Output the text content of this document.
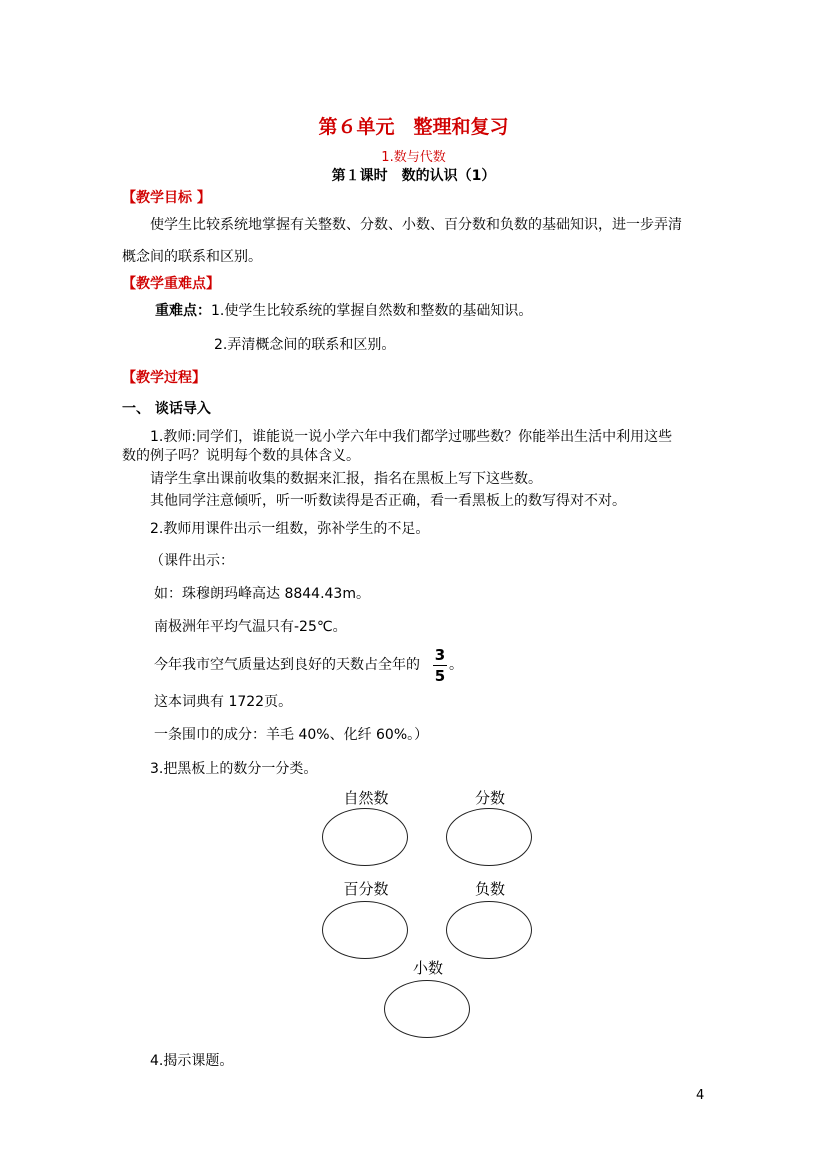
第６单元　整理和复习
1.数与代数
第１课时　数的认识（1）
【教学目标 】
使学生比较系统地掌握有关整数、分数、小数、百分数和负数的基础知识，进一步弄清
概念间的联系和区别。
【教学重难点】
重难点：1.使学生比较系统的掌握自然数和整数的基础知识。
2.弄清概念间的联系和区别。
【教学过程】
一、 谈话导入
1.教师:同学们，谁能说一说小学六年中我们都学过哪些数？你能举出生活中利用这些
数的例子吗？说明每个数的具体含义。
请学生拿出课前收集的数据来汇报，指名在黑板上写下这些数。
其他同学注意倾听，听一听数读得是否正确，看一看黑板上的数写得对不对。
2.教师用课件出示一组数，弥补学生的不足。
（课件出示：
如：珠穆朗玛峰高达 8844.43m。
南极洲年平均气温只有-25℃。
今年我市空气质量达到良好的天数占全年的
3
5
。
这本词典有 1722页。
一条围巾的成分：羊毛 40%、化纤 60%。）
3.把黑板上的数分一分类。
自然数	分数
百分数	负数
小数
4.揭示课题。
4
